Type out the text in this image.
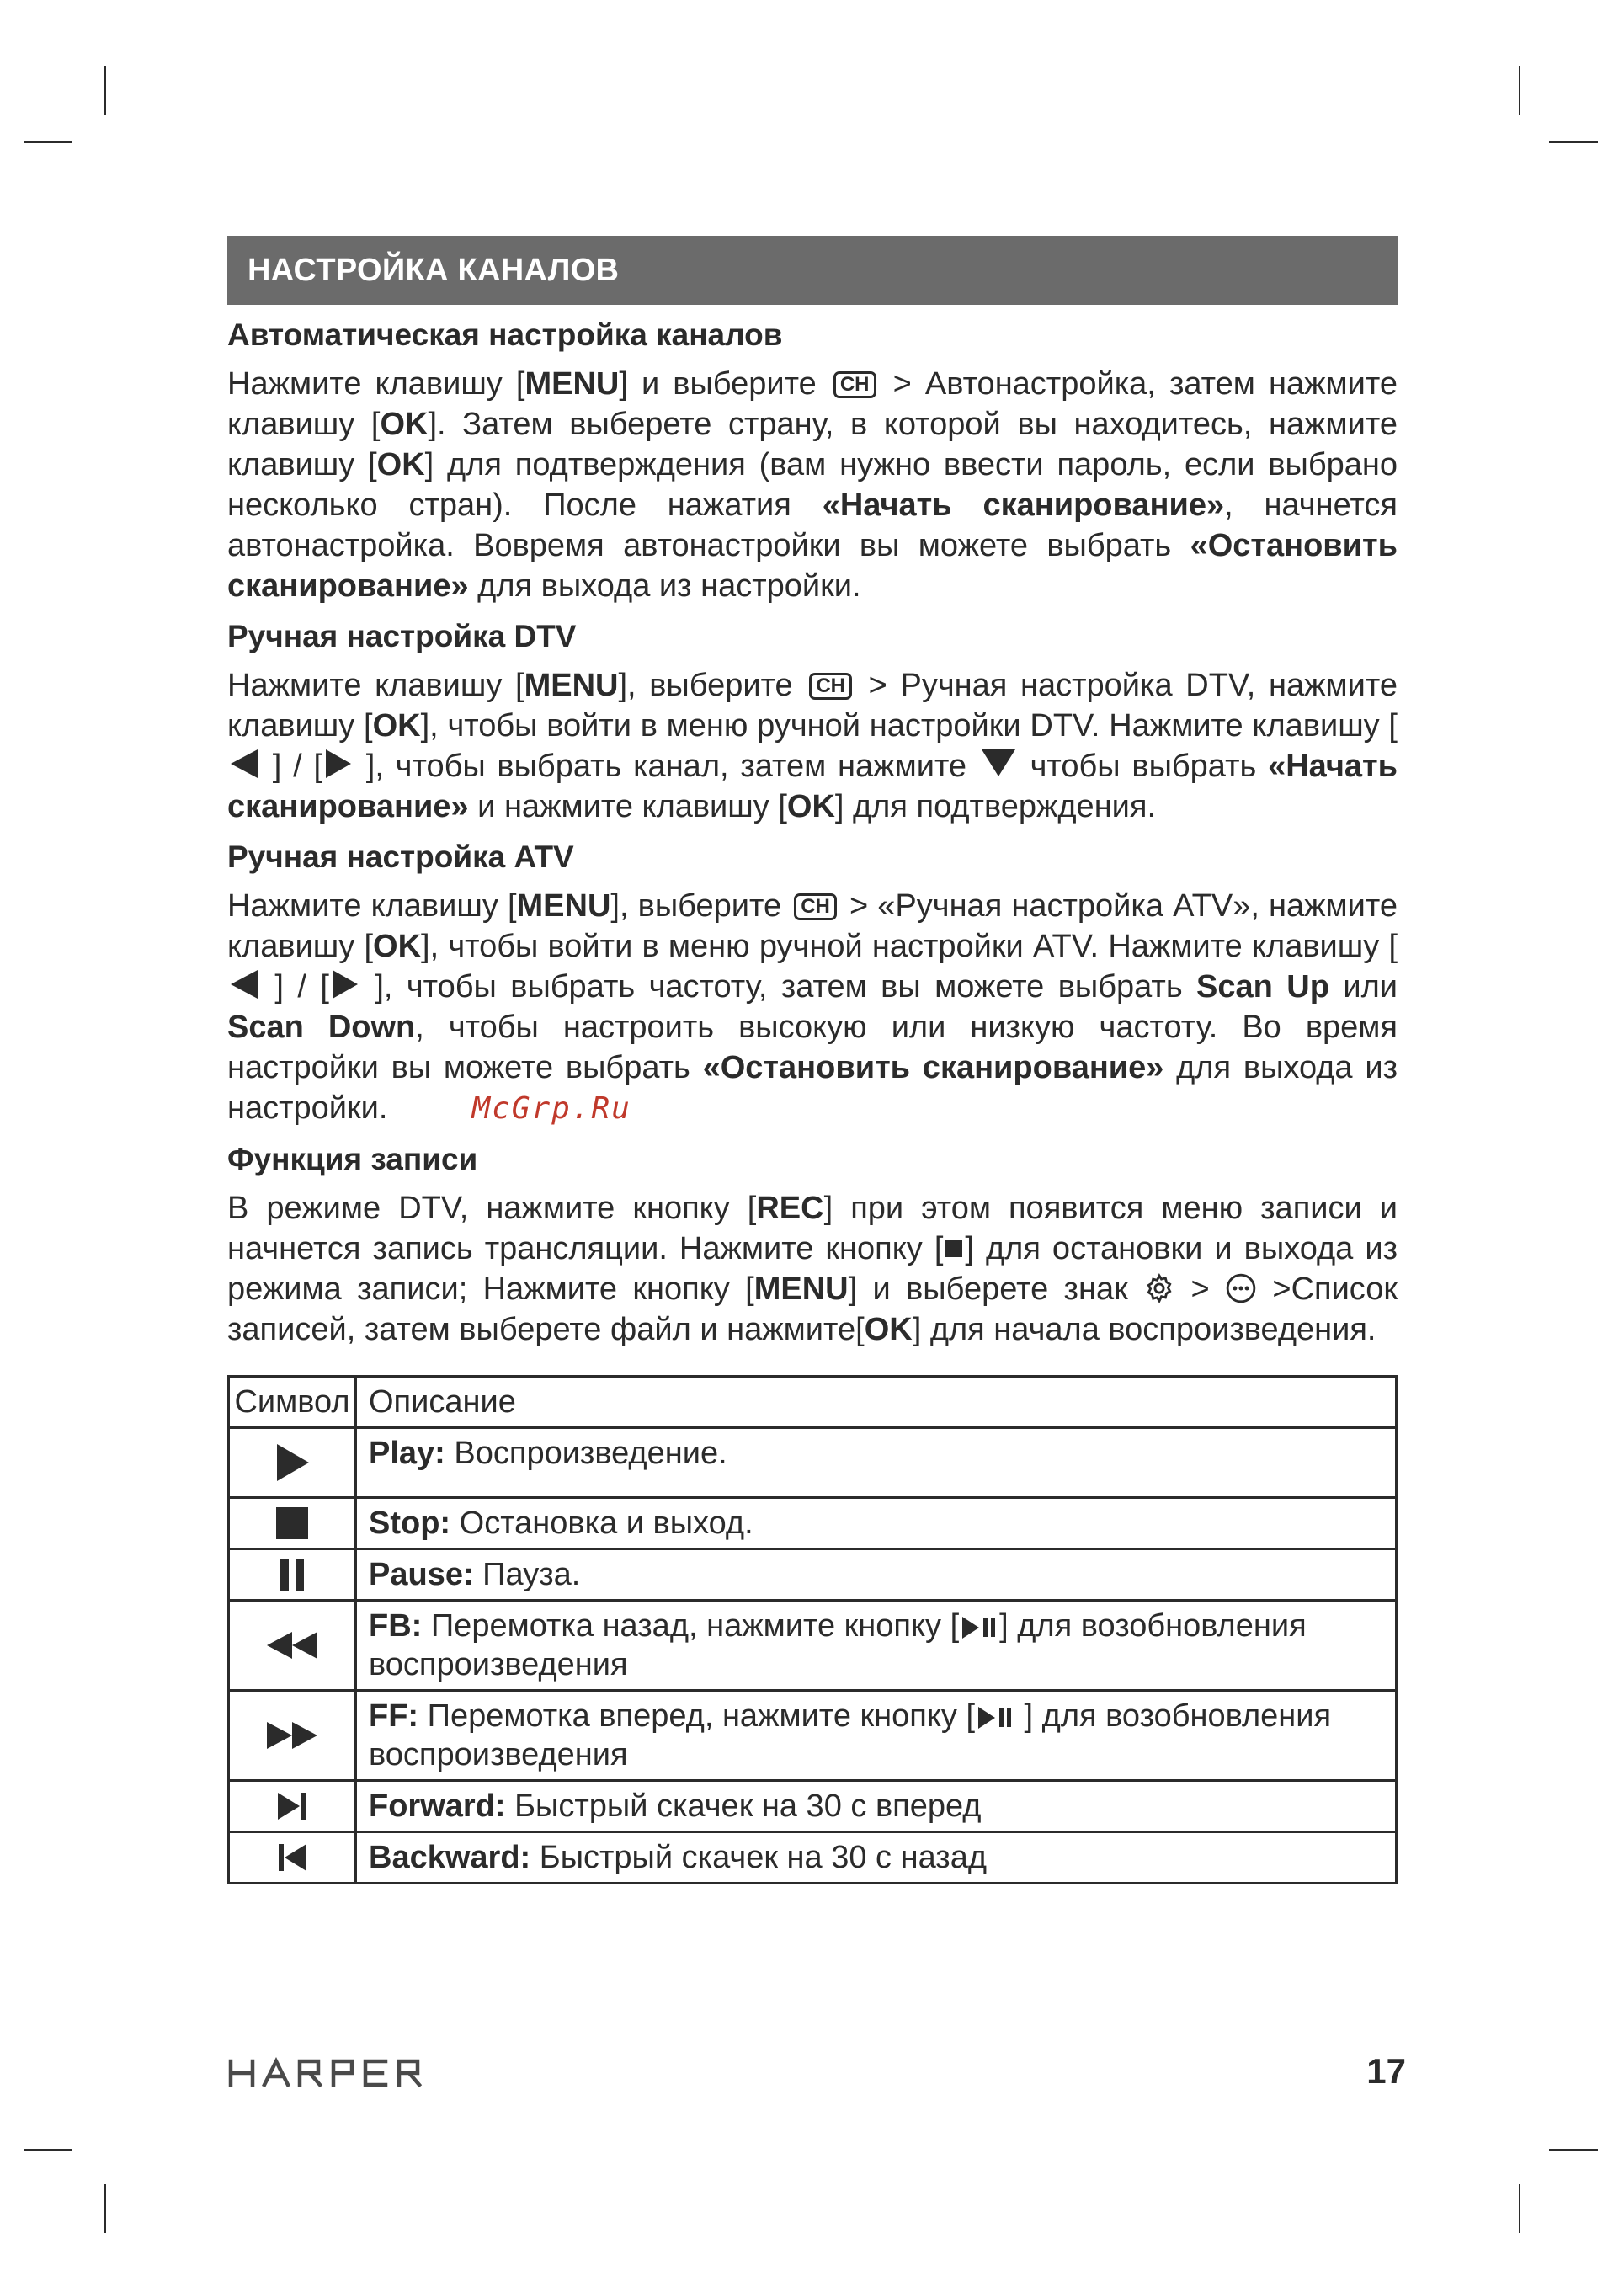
НАСТРОЙКА КАНАЛОВ
Автоматическая настройка каналов

Нажмите клавишу [MENU] и выберите CH > Автонастройка, затем нажмите клавишу [OK]. Затем выберете страну, в которой вы находитесь, нажмите клавишу [OK] для подтверждения (вам нужно ввести пароль, если выбрано несколько стран). После нажатия «Начать сканирование», начнется автонастройка. Вовремя автонастройки вы можете выбрать «Остановить сканирование» для выхода из настройки.

Ручная настройка DTV

Нажмите клавишу [MENU], выберите CH > Ручная настройка DTV, нажмите клавишу [OK], чтобы войти в меню ручной настройки DTV. Нажмите клавишу [ ] / [ ], чтобы выбрать канал, затем нажмите  чтобы выбрать «Начать сканирование» и нажмите клавишу [OK] для подтверждения.

Ручная настройка ATV

Нажмите клавишу [MENU], выберите CH > «Ручная настройка ATV», нажмите клавишу [OK], чтобы войти в меню ручной настройки ATV. Нажмите клавишу [ ] / [ ], чтобы выбрать частоту, затем вы можете выбрать Scan Up или Scan Down, чтобы настроить высокую или низкую частоту. Во время настройки вы можете выбрать «Остановить сканирование» для выхода из настройки.	McGrp.Ru

Функция записи

В режиме DTV, нажмите кнопку [REC] при этом появится меню записи и начнется запись трансляции. Нажмите кнопку [ ] для остановки и выхода из режима записи; Нажмите кнопку [MENU] и выберете знак  >  >Список записей, затем выберете файл и нажмите[OK] для начала воспроизведения.

Символ	Описание

	Play: Воспроизведение.

	Stop: Остановка и выход.

	Pause: Пауза.

	FB: Перемотка назад, нажмите кнопку [ ] для возобновления воспроизведения

	FF: Перемотка вперед, нажмите кнопку [ ] для возобновления воспроизведения

	Forward: Быстрый скачек на 30 с вперед

	Backward: Быстрый скачек на 30 с назад
17
